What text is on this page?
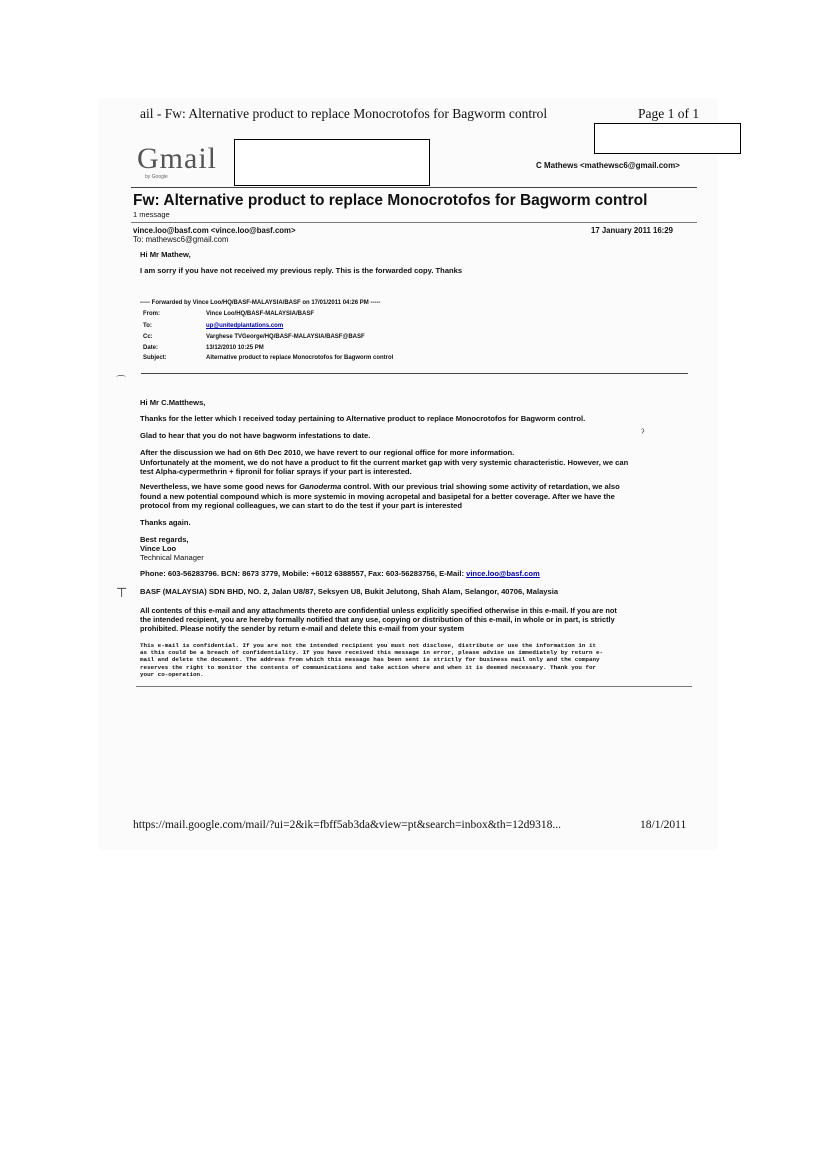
ail - Fw: Alternative product to replace Monocrotofos for Bagworm control	Page 1 of 1
Gmail
by Google
C Mathews <mathewsc6@gmail.com>
Fw: Alternative product to replace Monocrotofos for Bagworm control
1 message
vince.loo@basf.com <vince.loo@basf.com>
To: mathewsc6@gmail.com
17 January 2011 16:29
Hi Mr Mathew,
I am sorry if you have not received my previous reply. This is the forwarded copy. Thanks
----- Forwarded by Vince Loo/HQ/BASF-MALAYSIA/BASF on 17/01/2011 04:26 PM -----
From:	Vince Loo/HQ/BASF-MALAYSIA/BASF
To:	up@unitedplantations.com
Cc:	Varghese TVGeorge/HQ/BASF-MALAYSIA/BASF@BASF
Date:	13/12/2010 10:25 PM
Subject:	Alternative product to replace Monocrotofos for Bagworm control
⌒
ˀ
Hi Mr C.Matthews,
Thanks for the letter which I received today pertaining to Alternative product to replace Monocrotofos for Bagworm control.
Glad to hear that you do not have bagworm infestations to date.
After the discussion we had on 6th Dec 2010, we have revert to our regional office for more information.
Unfortunately at the moment, we do not have a product to fit the current market gap with very systemic characteristic. However, we can
test Alpha-cypermethrin + fipronil for foliar sprays if your part is interested.
Nevertheless, we have some good news for Ganoderma control. With our previous trial showing some activity of retardation, we also
found a new potential compound which is more systemic in moving acropetal and basipetal for a better coverage. After we have the
protocol from my regional colleagues, we can start to do the test if your part is interested
Thanks again.
Best regards,
Vince Loo
Technical Manager
Phone: 603-56283796. BCN: 8673 3779, Mobile: +6012 6388557, Fax: 603-56283756, E-Mail: vince.loo@basf.com
⊤ BASF (MALAYSIA) SDN BHD, NO. 2, Jalan U8/87, Seksyen U8, Bukit Jelutong, Shah Alam, Selangor, 40706, Malaysia
All contents of this e-mail and any attachments thereto are confidential unless explicitly specified otherwise in this e-mail. If you are not
the intended recipient, you are hereby formally notified that any use, copying or distribution of this e-mail, in whole or in part, is strictly
prohibited. Please notify the sender by return e-mail and delete this e-mail from your system
This e-mail is confidential. If you are not the intended recipient you must not disclose, distribute or use the information in it
as this could be a breach of confidentiality. If you have received this message in error, please advise us immediately by return e-
mail and delete the document. The address from which this message has been sent is strictly for business mail only and the company
reserves the right to monitor the contents of communications and take action where and when it is deemed necessary. Thank you for
your co-operation.
https://mail.google.com/mail/?ui=2&ik=fbff5ab3da&view=pt&search=inbox&th=12d9318...	18/1/2011
